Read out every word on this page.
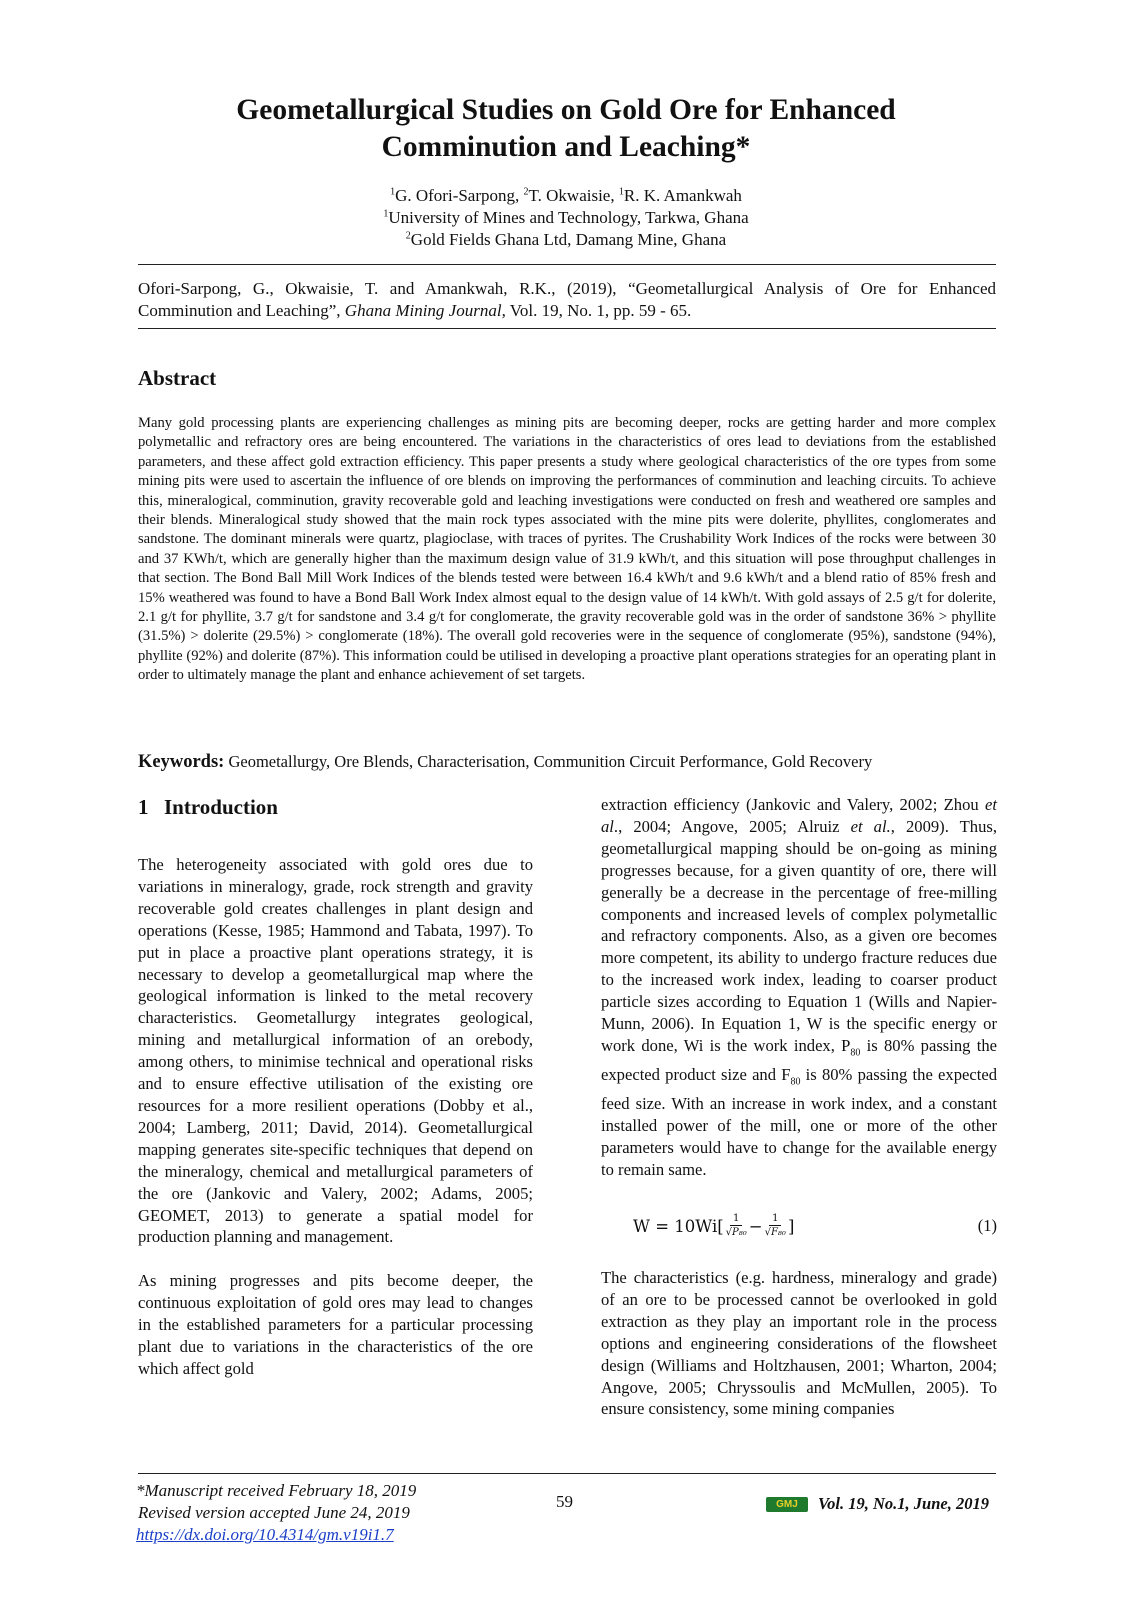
Geometallurgical Studies on Gold Ore for Enhanced
Comminution and Leaching*
$^1$G. Ofori-Sarpong, $^2$T. Okwaisie, $^1$R. K. Amankwah
$^1$University of Mines and Technology, Tarkwa, Ghana
$^2$Gold Fields Ghana Ltd, Damang Mine, Ghana
Ofori-Sarpong, G., Okwaisie, T. and Amankwah, R.K., (2019), “Geometallurgical Analysis of Ore for Enhanced Comminution and Leaching”, Ghana Mining Journal, Vol. 19, No. 1, pp. 59 - 65.
Abstract
Many gold processing plants are experiencing challenges as mining pits are becoming deeper, rocks are getting harder and more complex polymetallic and refractory ores are being encountered. The variations in the characteristics of ores lead to deviations from the established parameters, and these affect gold extraction efficiency. This paper presents a study where geological characteristics of the ore types from some mining pits were used to ascertain the influence of ore blends on improving the performances of comminution and leaching circuits. To achieve this, mineralogical, comminution, gravity recoverable gold and leaching investigations were conducted on fresh and weathered ore samples and their blends. Mineralogical study showed that the main rock types associated with the mine pits were dolerite, phyllites, conglomerates and sandstone. The dominant minerals were quartz, plagioclase, with traces of pyrites. The Crushability Work Indices of the rocks were between 30 and 37 KWh/t, which are generally higher than the maximum design value of 31.9 kWh/t, and this situation will pose throughput challenges in that section. The Bond Ball Mill Work Indices of the blends tested were between 16.4 kWh/t and 9.6 kWh/t and a blend ratio of 85% fresh and 15% weathered was found to have a Bond Ball Work Index almost equal to the design value of 14 kWh/t. With gold assays of 2.5 g/t for dolerite, 2.1 g/t for phyllite, 3.7 g/t for sandstone and 3.4 g/t for conglomerate, the gravity recoverable gold was in the order of sandstone 36% > phyllite (31.5%) > dolerite (29.5%) > conglomerate (18%). The overall gold recoveries were in the sequence of conglomerate (95%), sandstone (94%), phyllite (92%) and dolerite (87%). This information could be utilised in developing a proactive plant operations strategies for an operating plant in order to ultimately manage the plant and enhance achievement of set targets.
Keywords: Geometallurgy, Ore Blends, Characterisation, Communition Circuit Performance, Gold Recovery
1 Introduction

The heterogeneity associated with gold ores due to variations in mineralogy, grade, rock strength and gravity recoverable gold creates challenges in plant design and operations (Kesse, 1985; Hammond and Tabata, 1997). To put in place a proactive plant operations strategy, it is necessary to develop a geometallurgical map where the geological information is linked to the metal recovery characteristics. Geometallurgy integrates geological, mining and metallurgical information of an orebody, among others, to minimise technical and operational risks and to ensure effective utilisation of the existing ore resources for a more resilient operations (Dobby et al., 2004; Lamberg, 2011; David, 2014). Geometallurgical mapping generates site-specific techniques that depend on the mineralogy, chemical and metallurgical parameters of the ore (Jankovic and Valery, 2002; Adams, 2005; GEOMET, 2013) to generate a spatial model for production planning and management.

As mining progresses and pits become deeper, the continuous exploitation of gold ores may lead to changes in the established parameters for a particular processing plant due to variations in the characteristics of the ore which affect gold

extraction efficiency (Jankovic and Valery, 2002; Zhou et al., 2004; Angove, 2005; Alruiz et al., 2009). Thus, geometallurgical mapping should be on-going as mining progresses because, for a given quantity of ore, there will generally be a decrease in the percentage of free-milling components and increased levels of complex polymetallic and refractory components. Also, as a given ore becomes more competent, its ability to undergo fracture reduces due to the increased work index, leading to coarser product particle sizes according to Equation 1 (Wills and Napier-Munn, 2006). In Equation 1, W is the specific energy or work done, Wi is the work index, $P_{80}$ is 80% passing the expected product size and $F_{80}$ is 80% passing the expected feed size. With an increase in work index, and a constant installed power of the mill, one or more of the other parameters would have to change for the available energy to remain same.

$W = 10Wi[ \frac{1}{\text{√P₈₀}} - \frac{1}{\text{√F₈₀}}$ ]	(1)

The characteristics (e.g. hardness, mineralogy and grade) of an ore to be processed cannot be overlooked in gold extraction as they play an important role in the process options and engineering considerations of the flowsheet design (Williams and Holtzhausen, 2001; Wharton, 2004; Angove, 2005; Chryssoulis and McMullen, 2005). To ensure consistency, some mining companies

*Manuscript received February 18, 2019
Revised version accepted June 24, 2019
https://dx.doi.org/10.4314/gm.v19i1.7
59	GMJ	Vol. 19, No.1, June, 2019
